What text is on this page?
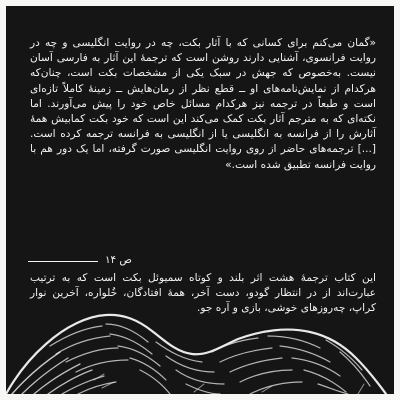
«گمان می‌کنم برای کسانی که با آثار بکت، چه در روایت انگلیسی و چه در روایت فرانسوی، آشنایی دارند روشن است که ترجمهٔ این آثار به فارسی آسان نیست. به‌خصوص که جهش در سبک یکی از مشخصات بکت است، چنان‌که هرکدام از نمایش‌نامه‌های او ــ قطع نظر از رمان‌هایش ــ زمینهٔ کاملاً تازه‌ای است و طبعاً در ترجمه نیز هرکدام مسائل خاص خود را پیش می‌آورند. اما نکته‌ای که به مترجم آثار بکت کمک می‌کند این است که خود بکت کمابیش همهٔ آثارش را از فرانسه به انگلیسی یا از انگلیسی به فرانسه ترجمه کرده است. [...] ترجمه‌های حاضر از روی روایت انگلیسی صورت گرفته، اما یک دور هم با روایت فرانسه تطبیق شده است.»
ص ۱۴
این کتاب ترجمهٔ هشت اثر بلند و کوتاه سمیوئل بکت است که به ترتیب عبارت‌اند از در انتظار گودو، دست آخر، همهٔ افتادگان، خُلواره، آخرین نوار کراپ، چه‌روزهای خوشی، بازی و آره جو.
